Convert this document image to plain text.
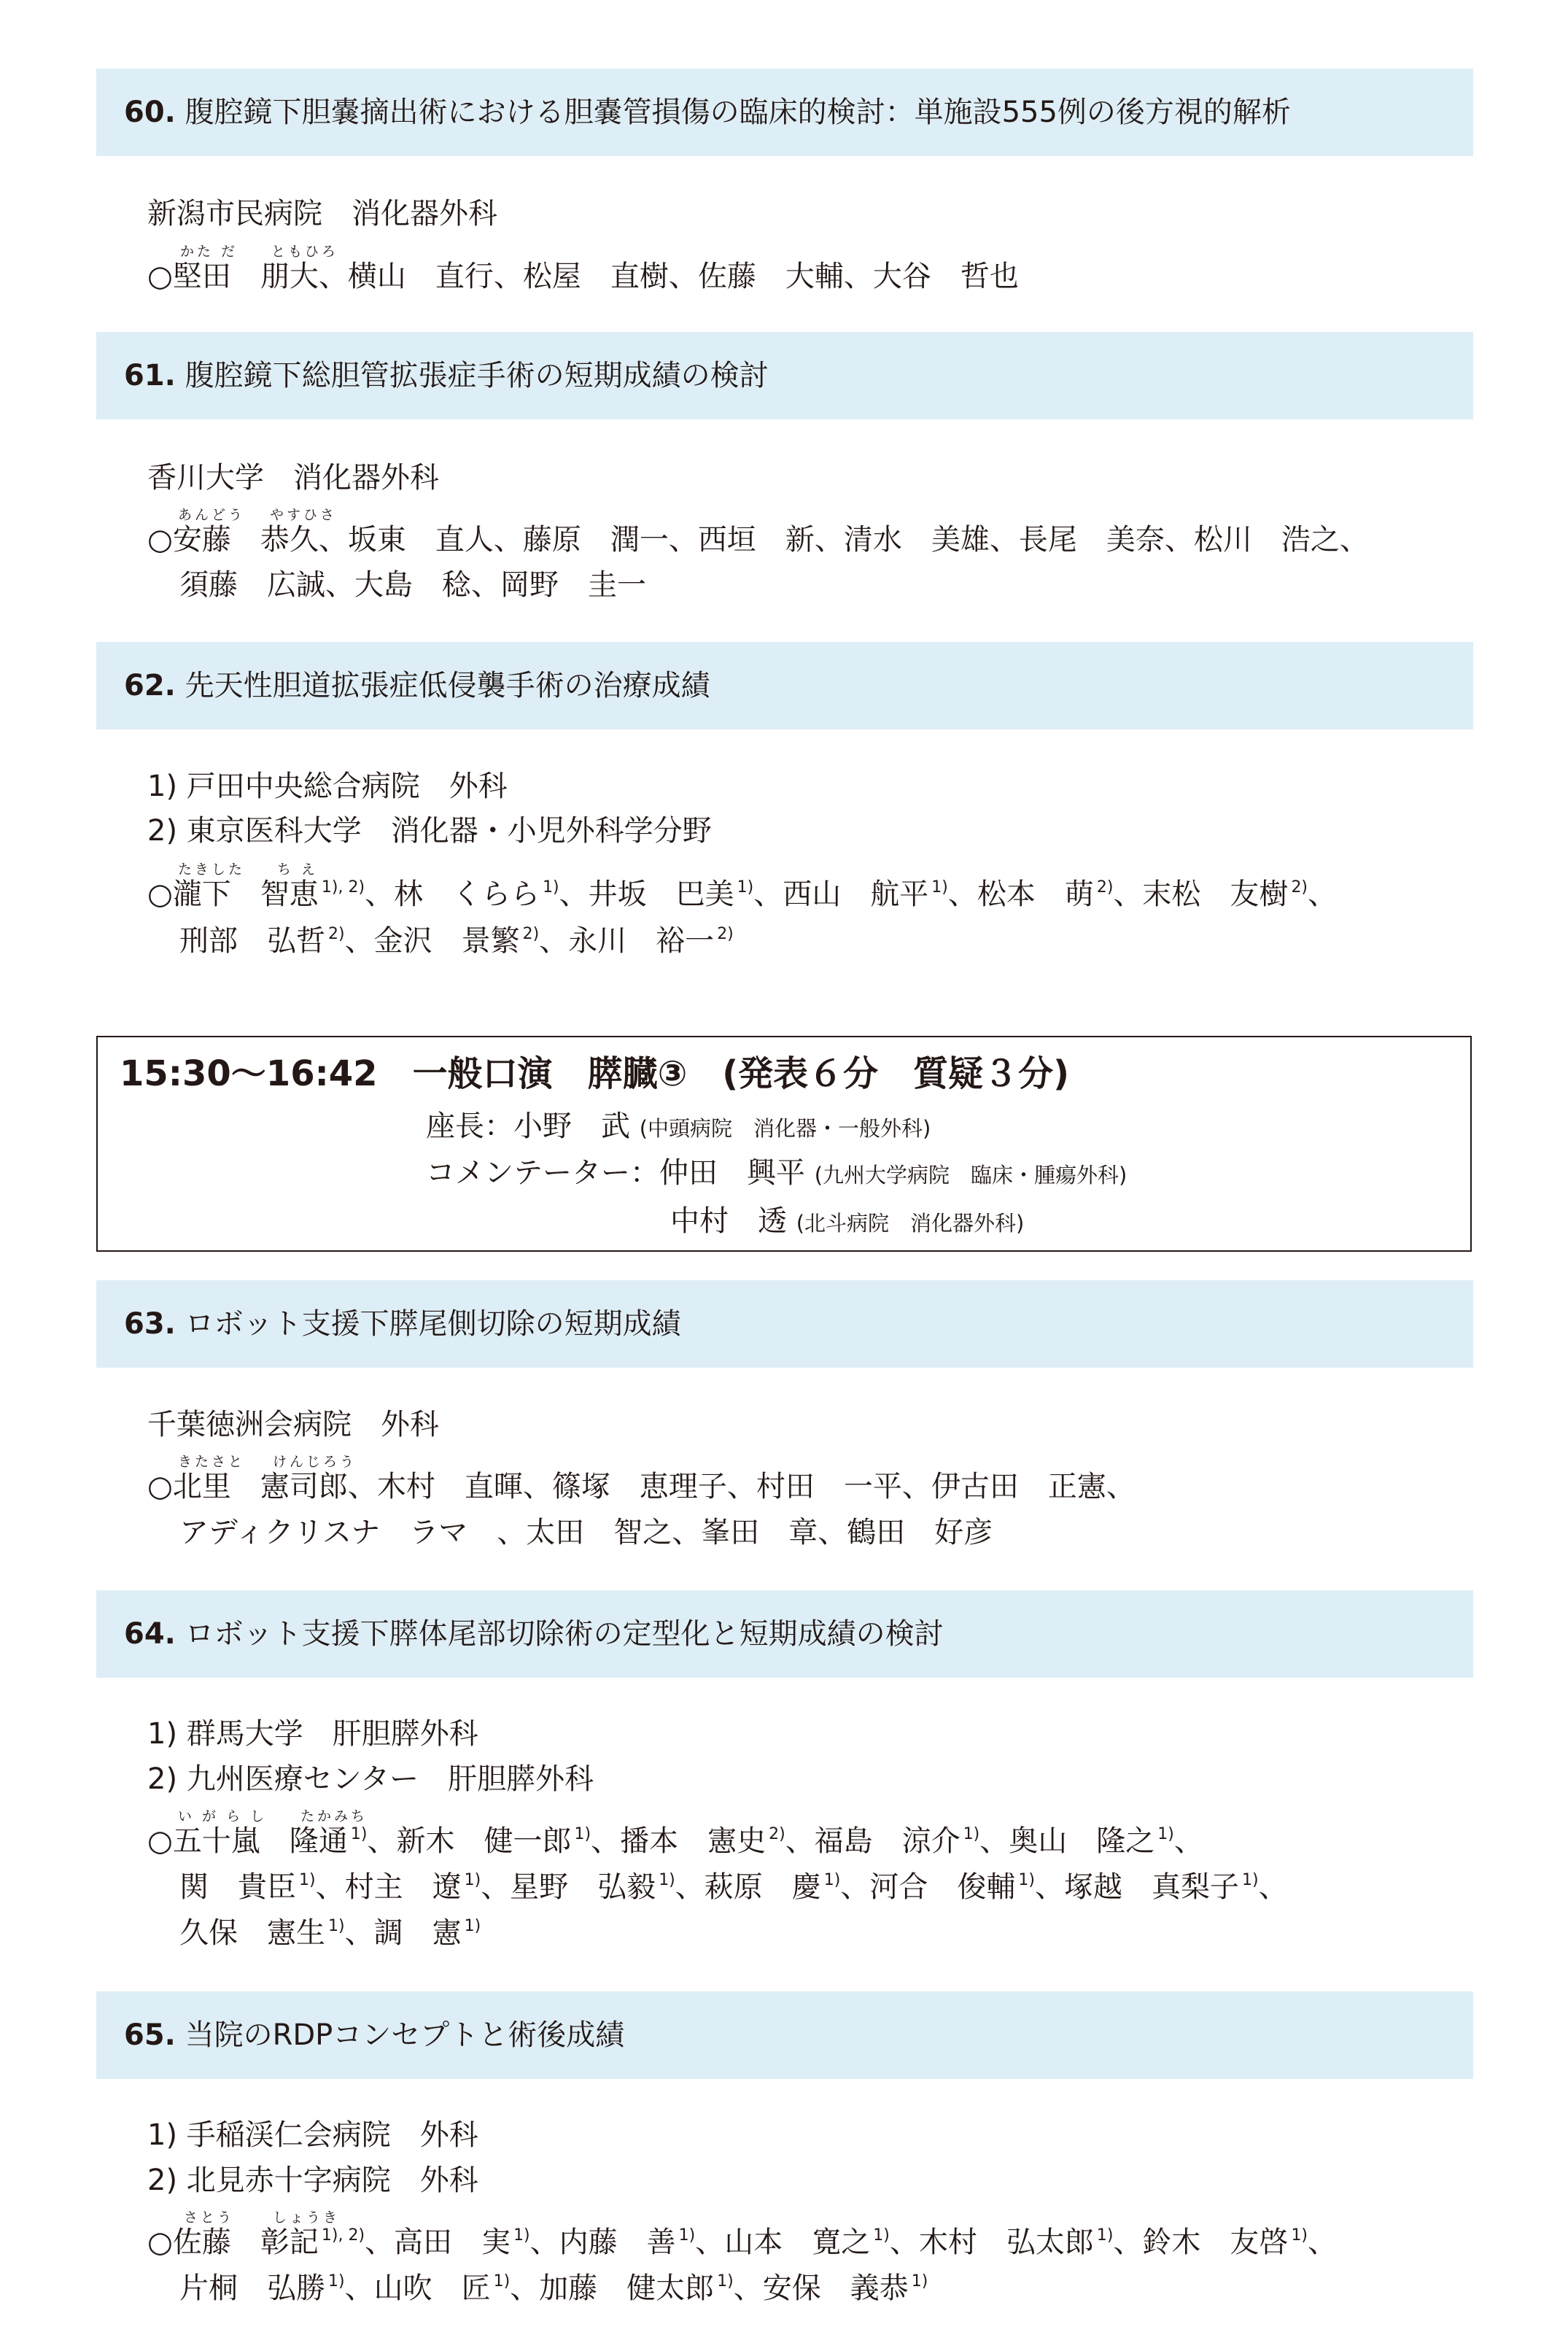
60. 腹腔鏡下胆嚢摘出術における胆嚢管損傷の臨床的検討：単施設555例の後方視的解析
新潟市民病院　消化器外科
かた だ ともひろ
○堅田　朋大、横山　直行、松屋　直樹、佐藤　大輔、大谷　哲也
61. 腹腔鏡下総胆管拡張症手術の短期成績の検討
香川大学　消化器外科
あんどう やすひさ
○安藤　恭久、坂東　直人、藤原　潤一、西垣　新、清水　美雄、長尾　美奈、松川　浩之、
須藤　広誠、大島　稔、岡野　圭一
62. 先天性胆道拡張症低侵襲手術の治療成績
1) 戸田中央総合病院　外科
2) 東京医科大学　消化器・小児外科学分野
たきした ち え
○瀧下　智恵 $^{1), 2)}$、林　くらら $^{1)}$、井坂　巴美 $^{1)}$、西山　航平 $^{1)}$、松本　萌 $^{2)}$、末松　友樹 $^{2)}$、
刑部　弘哲 $^{2)}$、金沢　景繁 $^{2)}$、永川　裕一 $^{2)}$
15:30〜16:42　一般口演　膵臓③　(発表６分　質疑３分)
座長：小野　武 (中頭病院　消化器・一般外科)
コメンテーター：仲田　興平 (九州大学病院　臨床・腫瘍外科)
中村　透 (北斗病院　消化器外科)
63. ロボット支援下膵尾側切除の短期成績
千葉徳洲会病院　外科
きたさと けんじろう
○北里　憲司郎、木村　直暉、篠塚　恵理子、村田　一平、伊古田　正憲、
アディクリスナ　ラマ　、太田　智之、峯田　章、鶴田　好彦
64. ロボット支援下膵体尾部切除術の定型化と短期成績の検討
1) 群馬大学　肝胆膵外科
2) 九州医療センター　肝胆膵外科
い が ら し たかみち
○五十嵐　隆通 $^{1)}$、新木　健一郎 $^{1)}$、播本　憲史 $^{2)}$、福島　涼介 $^{1)}$、奥山　隆之 $^{1)}$、
関　貴臣 $^{1)}$、村主　遼 $^{1)}$、星野　弘毅 $^{1)}$、萩原　慶 $^{1)}$、河合　俊輔 $^{1)}$、塚越　真梨子 $^{1)}$、
久保　憲生 $^{1)}$、調　憲 $^{1)}$
65. 当院のRDPコンセプトと術後成績
1) 手稲渓仁会病院　外科
2) 北見赤十字病院　外科
さとう	しょうき
○佐藤　彰記 $^{1), 2)}$、高田　実 $^{1)}$、内藤　善 $^{1)}$、山本　寛之 $^{1)}$、木村　弘太郎 $^{1)}$、鈴木　友啓 $^{1)}$、
片桐　弘勝 $^{1)}$、山吹　匠 $^{1)}$、加藤　健太郎 $^{1)}$、安保　義恭 $^{1)}$
